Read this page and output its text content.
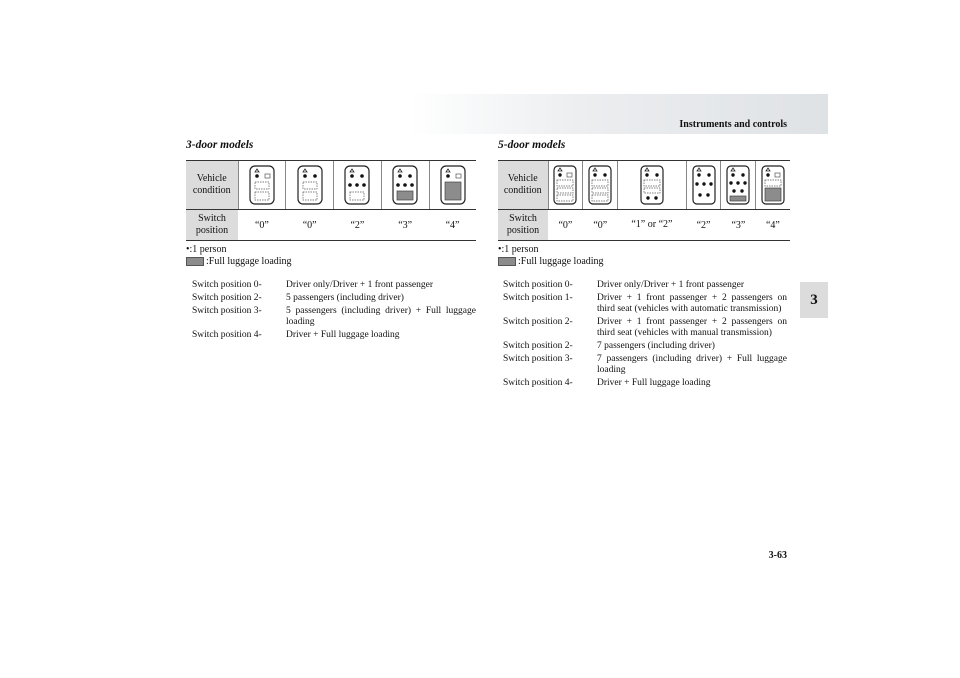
Instruments and controls
3
3-63
3-door models
Vehicle condition					
Switch position	“0”	“0”	“2”	“3”	“4”
•:1 person
:Full luggage loading
Switch position 0-	Driver only/Driver + 1 front passenger
Switch position 2-	5 passengers (including driver)
Switch position 3-	5 passengers (including driver) + Full luggage loading
Switch position 4-	Driver + Full luggage loading
5-door models
Vehicle condition						
Switch position	“0”	“0”	“1” or “2”	“2”	“3”	“4”
•:1 person
:Full luggage loading
Switch position 0-	Driver only/Driver + 1 front passenger
Switch position 1-	Driver + 1 front passenger + 2 passengers on third seat (vehicles with automatic transmission)
Switch position 2-	Driver + 1 front passenger + 2 passengers on third seat (vehicles with manual transmission)
Switch position 2-	7 passengers (including driver)
Switch position 3-	7 passengers (including driver) + Full luggage loading
Switch position 4-	Driver + Full luggage loading
